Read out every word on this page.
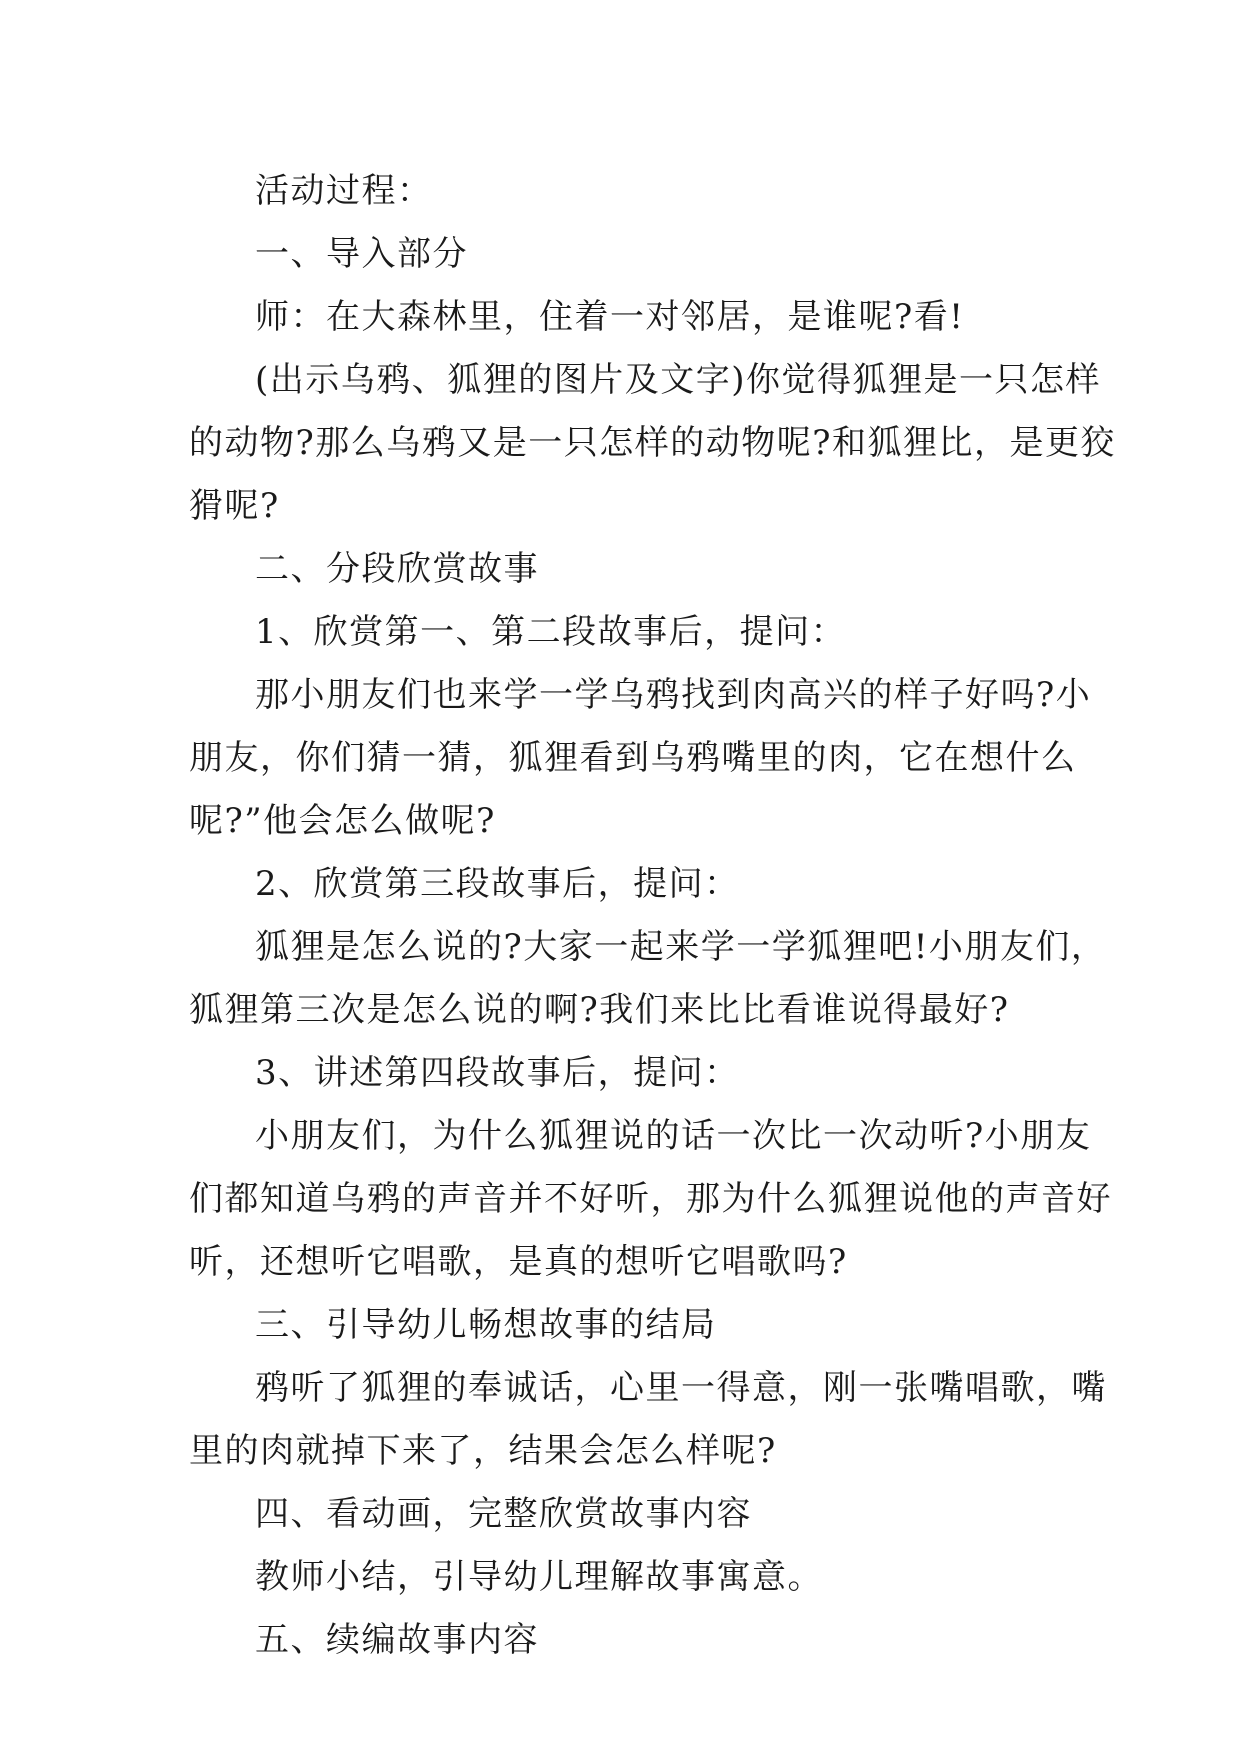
活动过程：
一、导入部分
师：在大森林里，住着一对邻居，是谁呢?看!
(出示乌鸦、狐狸的图片及文字)你觉得狐狸是一只怎样
的动物?那么乌鸦又是一只怎样的动物呢?和狐狸比，是更狡
猾呢?
二、分段欣赏故事
1、欣赏第一、第二段故事后，提问：
那小朋友们也来学一学乌鸦找到肉高兴的样子好吗?小
朋友，你们猜一猜，狐狸看到乌鸦嘴里的肉，它在想什么
呢?”他会怎么做呢?
2、欣赏第三段故事后，提问：
狐狸是怎么说的?大家一起来学一学狐狸吧!小朋友们，
狐狸第三次是怎么说的啊?我们来比比看谁说得最好?
3、讲述第四段故事后，提问：
小朋友们，为什么狐狸说的话一次比一次动听?小朋友
们都知道乌鸦的声音并不好听，那为什么狐狸说他的声音好
听，还想听它唱歌，是真的想听它唱歌吗?
三、引导幼儿畅想故事的结局
鸦听了狐狸的奉诚话，心里一得意，刚一张嘴唱歌，嘴
里的肉就掉下来了，结果会怎么样呢?
四、看动画，完整欣赏故事内容
教师小结，引导幼儿理解故事寓意。
五、续编故事内容
